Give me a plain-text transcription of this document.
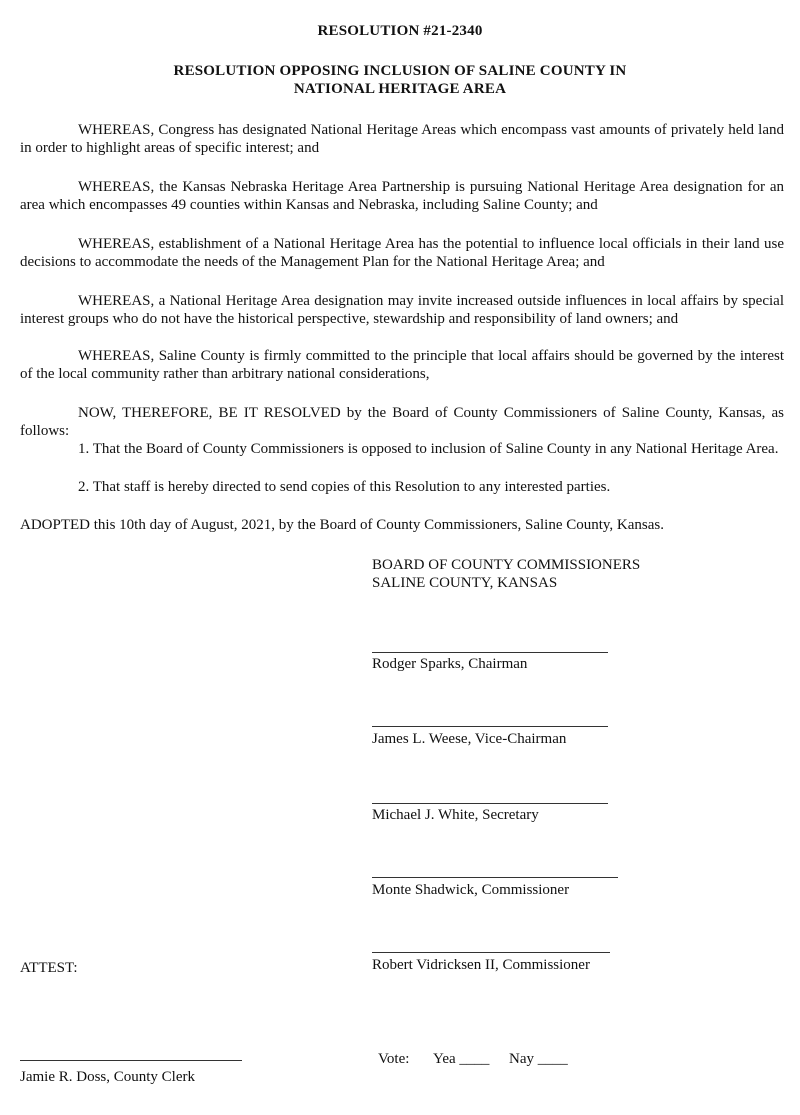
RESOLUTION #21-2340
RESOLUTION OPPOSING INCLUSION OF SALINE COUNTY IN
NATIONAL HERITAGE AREA
WHEREAS, Congress has designated National Heritage Areas which encompass vast amounts of privately held land in order to highlight areas of specific interest; and
WHEREAS, the Kansas Nebraska Heritage Area Partnership is pursuing National Heritage Area designation for an area which encompasses 49 counties within Kansas and Nebraska, including Saline County; and
WHEREAS, establishment of a National Heritage Area has the potential to influence local officials in their land use decisions to accommodate the needs of the Management Plan for the National Heritage Area; and
WHEREAS, a National Heritage Area designation may invite increased outside influences in local affairs by special interest groups who do not have the historical perspective, stewardship and responsibility of land owners; and
WHEREAS, Saline County is firmly committed to the principle that local affairs should be governed by the interest of the local community rather than arbitrary national considerations,
NOW, THEREFORE, BE IT RESOLVED by the Board of County Commissioners of Saline County, Kansas, as follows:
1. That the Board of County Commissioners is opposed to inclusion of Saline County in any National Heritage Area.
2. That staff is hereby directed to send copies of this Resolution to any interested parties.
ADOPTED this 10th day of August, 2021, by the Board of County Commissioners, Saline County, Kansas.
BOARD OF COUNTY COMMISSIONERS
SALINE COUNTY, KANSAS
Rodger Sparks, Chairman
James L. Weese, Vice-Chairman
Michael J. White, Secretary
Monte Shadwick, Commissioner
Robert Vidricksen II, Commissioner
ATTEST:
Jamie R. Doss, County Clerk
Vote: Yea ____ Nay ____
